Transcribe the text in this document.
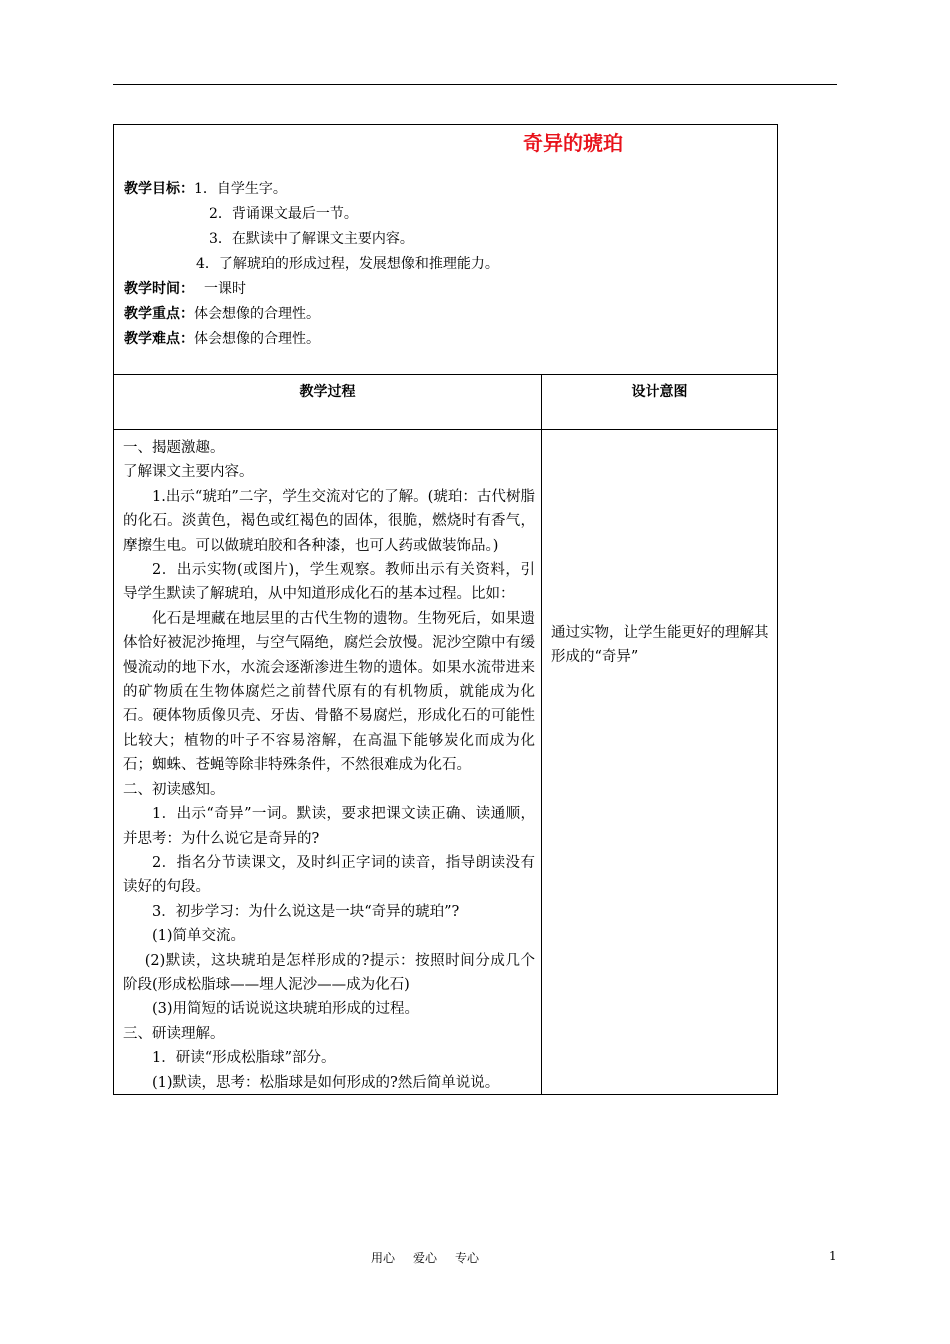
奇异的琥珀
教学目标：1．自学生字。
2．背诵课文最后一节。
3．在默读中了解课文主要内容。
4．了解琥珀的形成过程，发展想像和推理能力。
教学时间： 一课时
教学重点：体会想像的合理性。
教学难点：体会想像的合理性。
教学过程	设计意图

一、揭题激趣。

了解课文主要内容。

1.出示“琥珀”二字，学生交流对它的了解。(琥珀：古代树脂的化石。淡黄色，褐色或红褐色的固体，很脆，燃烧时有香气，摩擦生电。可以做琥珀胶和各种漆，也可人药或做装饰品。)

2．出示实物(或图片)，学生观察。教师出示有关资料，引导学生默读了解琥珀，从中知道形成化石的基本过程。比如：

化石是埋藏在地层里的古代生物的遗物。生物死后，如果遗体恰好被泥沙掩埋，与空气隔绝，腐烂会放慢。泥沙空隙中有缓慢流动的地下水，水流会逐渐渗进生物的遗体。如果水流带进来的矿物质在生物体腐烂之前替代原有的有机物质，就能成为化石。硬体物质像贝壳、牙齿、骨骼不易腐烂，形成化石的可能性比较大；植物的叶子不容易溶解，在高温下能够炭化而成为化石；蜘蛛、苍蝇等除非特殊条件，不然很难成为化石。

二、初读感知。

1．出示“奇异”一词。默读，要求把课文读正确、读通顺，并思考：为什么说它是奇异的?

2．指名分节读课文，及时纠正字词的读音，指导朗读没有读好的句段。

3．初步学习：为什么说这是一块“奇异的琥珀”?

(1)简单交流。

(2)默读，这块琥珀是怎样形成的?提示：按照时间分成几个阶段(形成松脂球——埋人泥沙——成为化石)

(3)用简短的话说说这块琥珀形成的过程。

三、研读理解。

1．研读“形成松脂球”部分。

(1)默读，思考：松脂球是如何形成的?然后简单说说。

通过实物，让学生能更好的理解其形成的“奇异”

用心 爱心 专心	1
